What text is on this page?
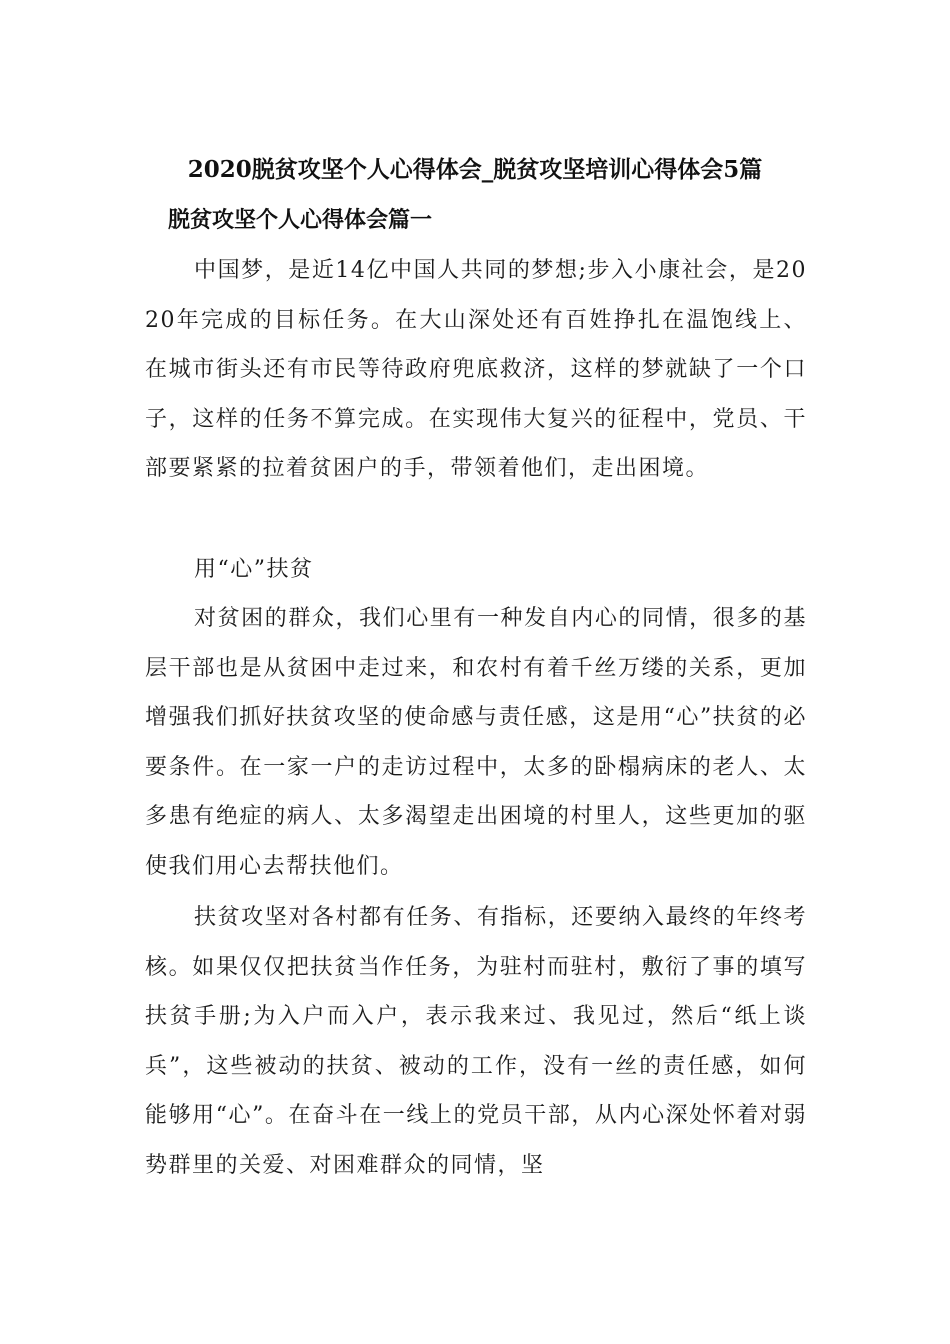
2020脱贫攻坚个人心得体会_脱贫攻坚培训心得体会5篇
脱贫攻坚个人心得体会篇一

中国梦，是近14亿中国人共同的梦想;步入小康社会，是2020年完成的目标任务。在大山深处还有百姓挣扎在温饱线上、在城市街头还有市民等待政府兜底救济，这样的梦就缺了一个口子，这样的任务不算完成。在实现伟大复兴的征程中，党员、干部要紧紧的拉着贫困户的手，带领着他们，走出困境。

用“心”扶贫

对贫困的群众，我们心里有一种发自内心的同情，很多的基层干部也是从贫困中走过来，和农村有着千丝万缕的关系，更加增强我们抓好扶贫攻坚的使命感与责任感，这是用“心”扶贫的必要条件。在一家一户的走访过程中，太多的卧榻病床的老人、太多患有绝症的病人、太多渴望走出困境的村里人，这些更加的驱使我们用心去帮扶他们。

扶贫攻坚对各村都有任务、有指标，还要纳入最终的年终考核。如果仅仅把扶贫当作任务，为驻村而驻村，敷衍了事的填写扶贫手册;为入户而入户，表示我来过、我见过，然后“纸上谈兵”，这些被动的扶贫、被动的工作，没有一丝的责任感，如何能够用“心”。在奋斗在一线上的党员干部，从内心深处怀着对弱势群里的关爱、对困难群众的同情，坚
